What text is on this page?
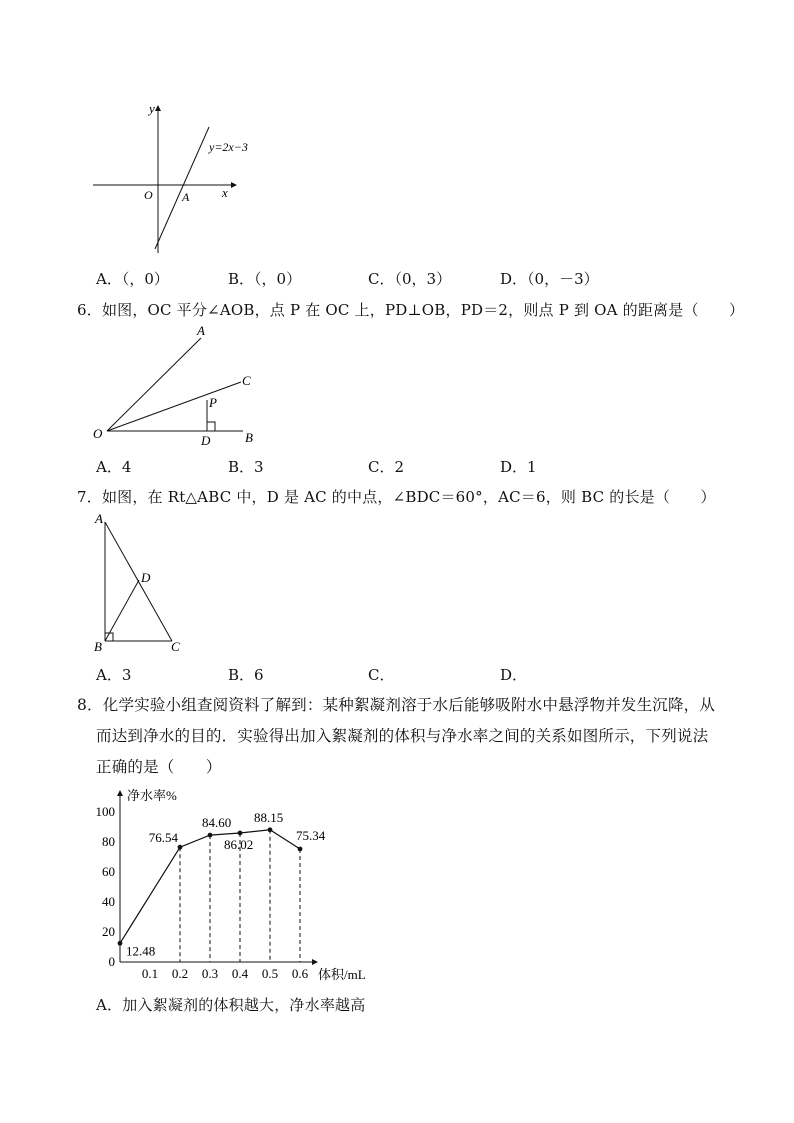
y=2x−3
x
y
O A
A．（，0）	B．（，0）	C．（0，3）	D．（0，－3）
6．如图，OC 平分∠AOB，点 P 在 OC 上，PD⊥OB，PD＝2，则点 P 到 OA 的距离是（　　）
A
C
P
O	D	B
A．4	B．3	C．2	D．1
7．如图，在 Rt△ABC 中，D 是 AC 的中点，∠BDC＝60°，AC＝6，则 BC 的长是（　　）
A
D
B	C
A．3	B．6	C．	D．
8．化学实验小组查阅资料了解到：某种絮凝剂溶于水后能够吸附水中悬浮物并发生沉降，从
而达到净水的目的．实验得出加入絮凝剂的体积与净水率之间的关系如图所示，下列说法
正确的是（　　）
净水率%
体积/mL
0
20
40
60
80
100
0.1 0.2 0.3 0.4 0.5 0.6
12.48
76.54
84.60
86.02
88.15
75.34
A．加入絮凝剂的体积越大，净水率越高
